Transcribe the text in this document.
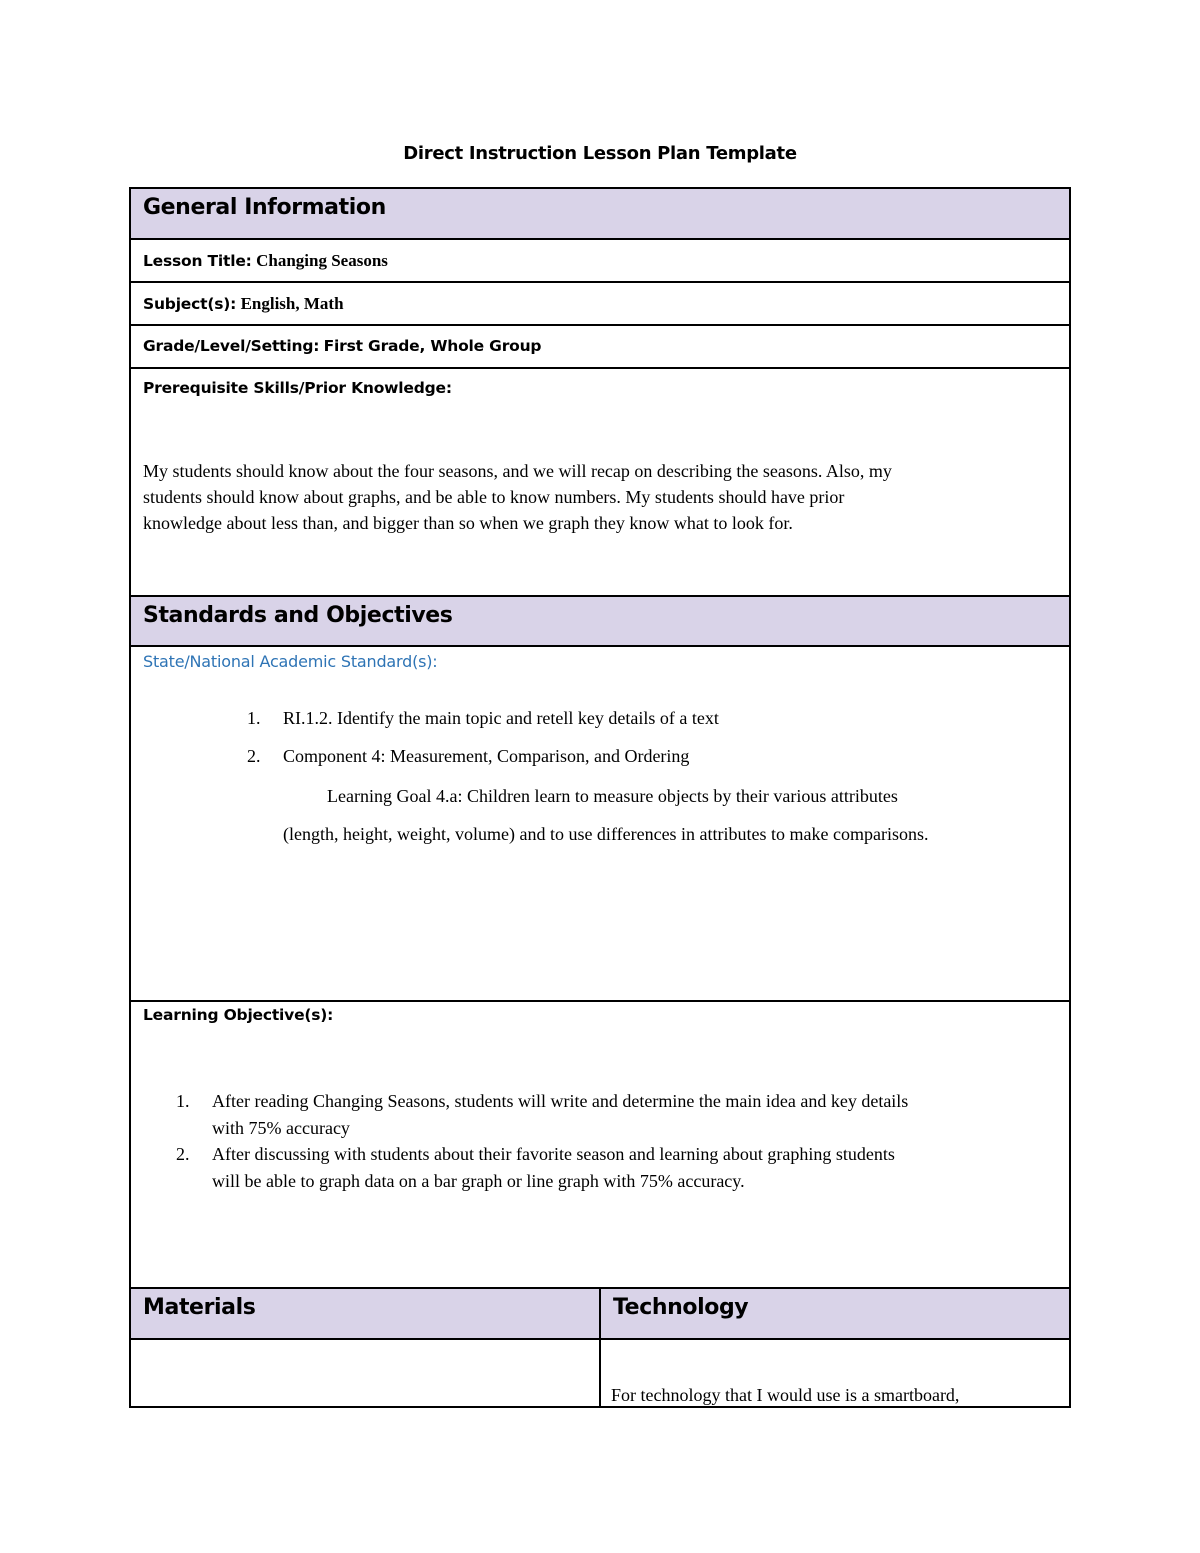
Direct Instruction Lesson Plan Template
General Information
Lesson Title: Changing Seasons
Subject(s): English, Math
Grade/Level/Setting: First Grade, Whole Group
Prerequisite Skills/Prior Knowledge:
My students should know about the four seasons, and we will recap on describing the seasons. Also, my
students should know about graphs, and be able to know numbers. My students should have prior
knowledge about less than, and bigger than so when we graph they know what to look for.
Standards and Objectives
State/National Academic Standard(s):
1. RI.1.2. Identify the main topic and retell key details of a text
2. Component 4: Measurement, Comparison, and Ordering
Learning Goal 4.a: Children learn to measure objects by their various attributes
(length, height, weight, volume) and to use differences in attributes to make comparisons.
Learning Objective(s):
1. After reading Changing Seasons, students will write and determine the main idea and key details
with 75% accuracy
2. After discussing with students about their favorite season and learning about graphing students
will be able to graph data on a bar graph or line graph with 75% accuracy.
Materials	Technology
For technology that I would use is a smartboard,
